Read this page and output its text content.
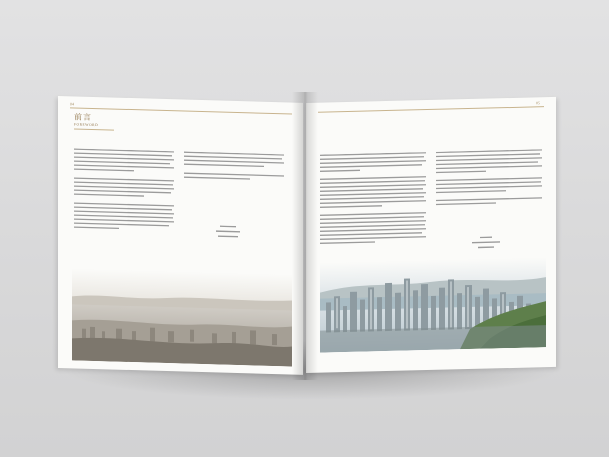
04
前言
FOREWORD
05
